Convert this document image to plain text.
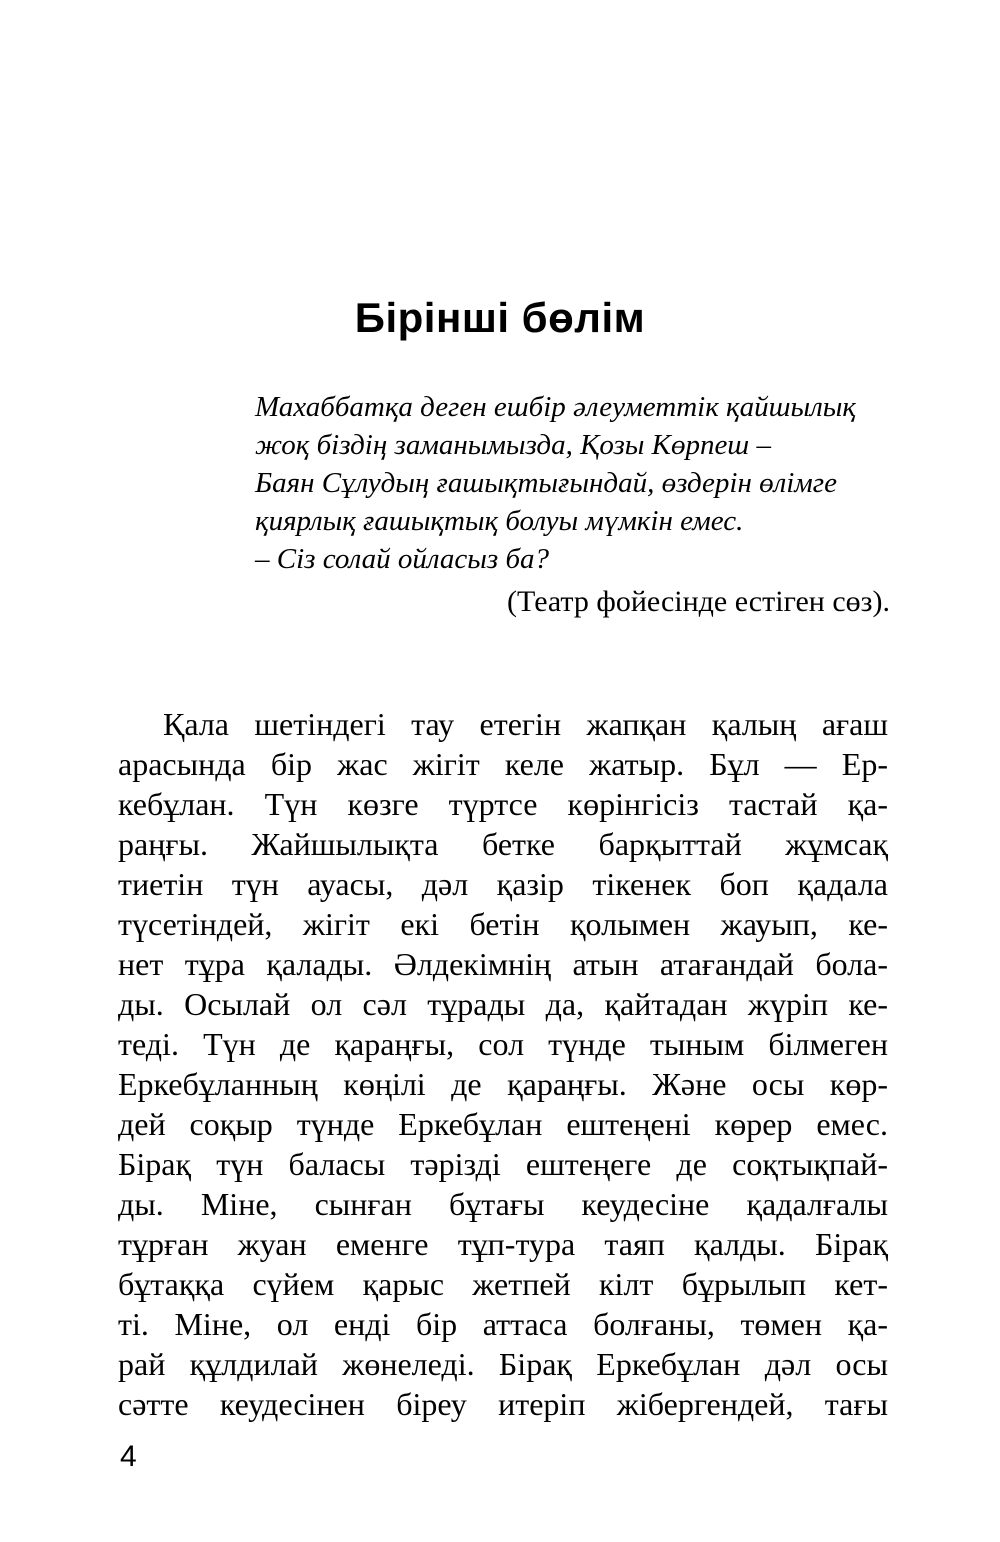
Бірінші бөлім
Махаббатқа деген ешбір әлеуметтік қайшылық
жоқ біздің заманымызда, Қозы Көрпеш –
Баян Сұлудың ғашықтығындай, өздерін өлімге
қиярлық ғашықтық болуы мүмкін емес.
– Сіз солай ойласыз ба?
(Театр фойесінде естіген сөз).
Қала шетіндегі тау етегін жапқан қалың ағаш
арасында бір жас жігіт келе жатыр. Бұл — Ер-
кебұлан. Түн көзге түртсе көрінгісіз тастай қа-
раңғы. Жайшылықта бетке барқыттай жұмсақ
тиетін түн ауасы, дәл қазір тікенек боп қадала
түсетіндей, жігіт екі бетін қолымен жауып, ке-
нет тұра қалады. Әлдекімнің атын атағандай бола-
ды. Осылай ол сәл тұрады да, қайтадан жүріп ке-
теді. Түн де қараңғы, сол түнде тыным білмеген
Еркебұланның көңілі де қараңғы. Және осы көр-
дей соқыр түнде Еркебұлан ештеңені көрер емес.
Бірақ түн баласы тәрізді ештеңеге де соқтықпай-
ды. Міне, сынған бұтағы кеудесіне қадалғалы
тұрған жуан еменге тұп-тура таяп қалды. Бірақ
бұтаққа сүйем қарыс жетпей кілт бұрылып кет-
ті. Міне, ол енді бір аттаса болғаны, төмен қа-
рай құлдилай жөнеледі. Бірақ Еркебұлан дәл осы
сәтте кеудесінен біреу итеріп жібергендей, тағы
4
